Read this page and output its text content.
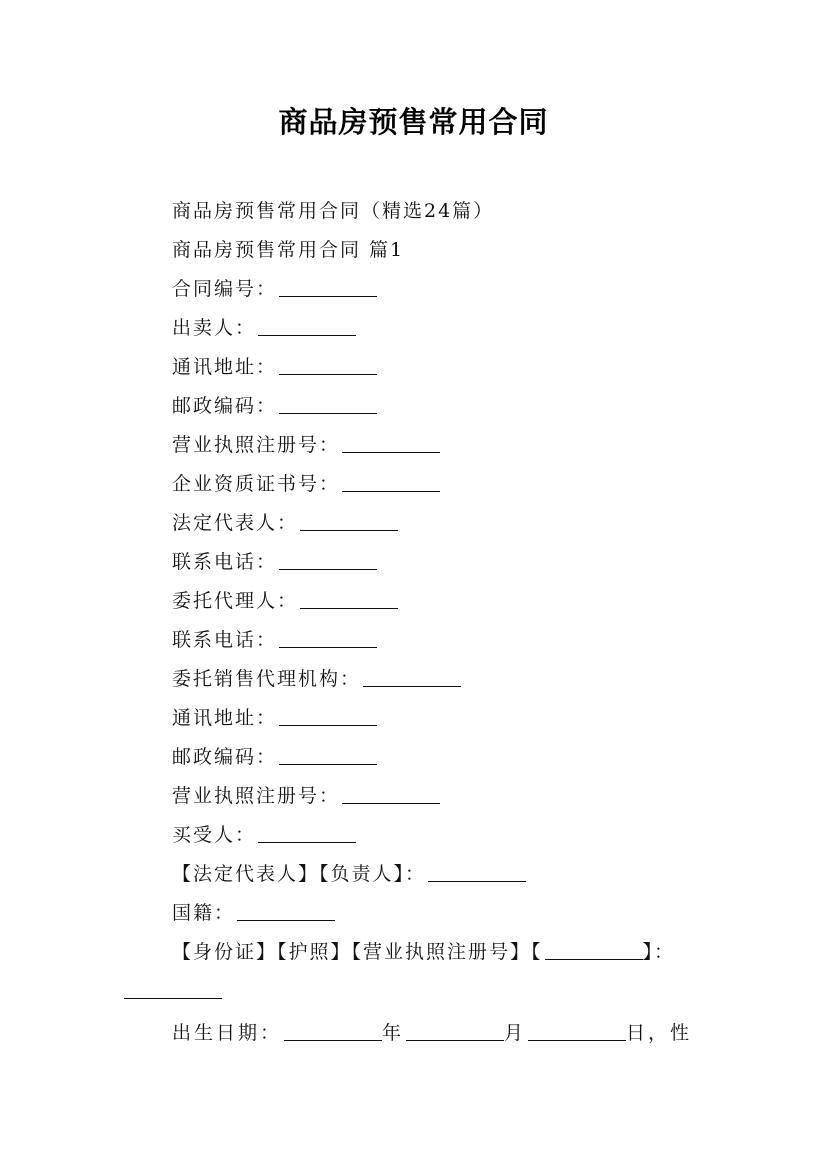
商品房预售常用合同
商品房预售常用合同（精选24篇）
商品房预售常用合同 篇1
合同编号：
出卖人：
通讯地址：
邮政编码：
营业执照注册号：
企业资质证书号：
法定代表人：
联系电话：
委托代理人：
联系电话：
委托销售代理机构：
通讯地址：
邮政编码：
营业执照注册号：
买受人：
【法定代表人】【负责人】：
国籍：
【身份证】【护照】【营业执照注册号】【	】：
出生日期：	年	月	日，性
